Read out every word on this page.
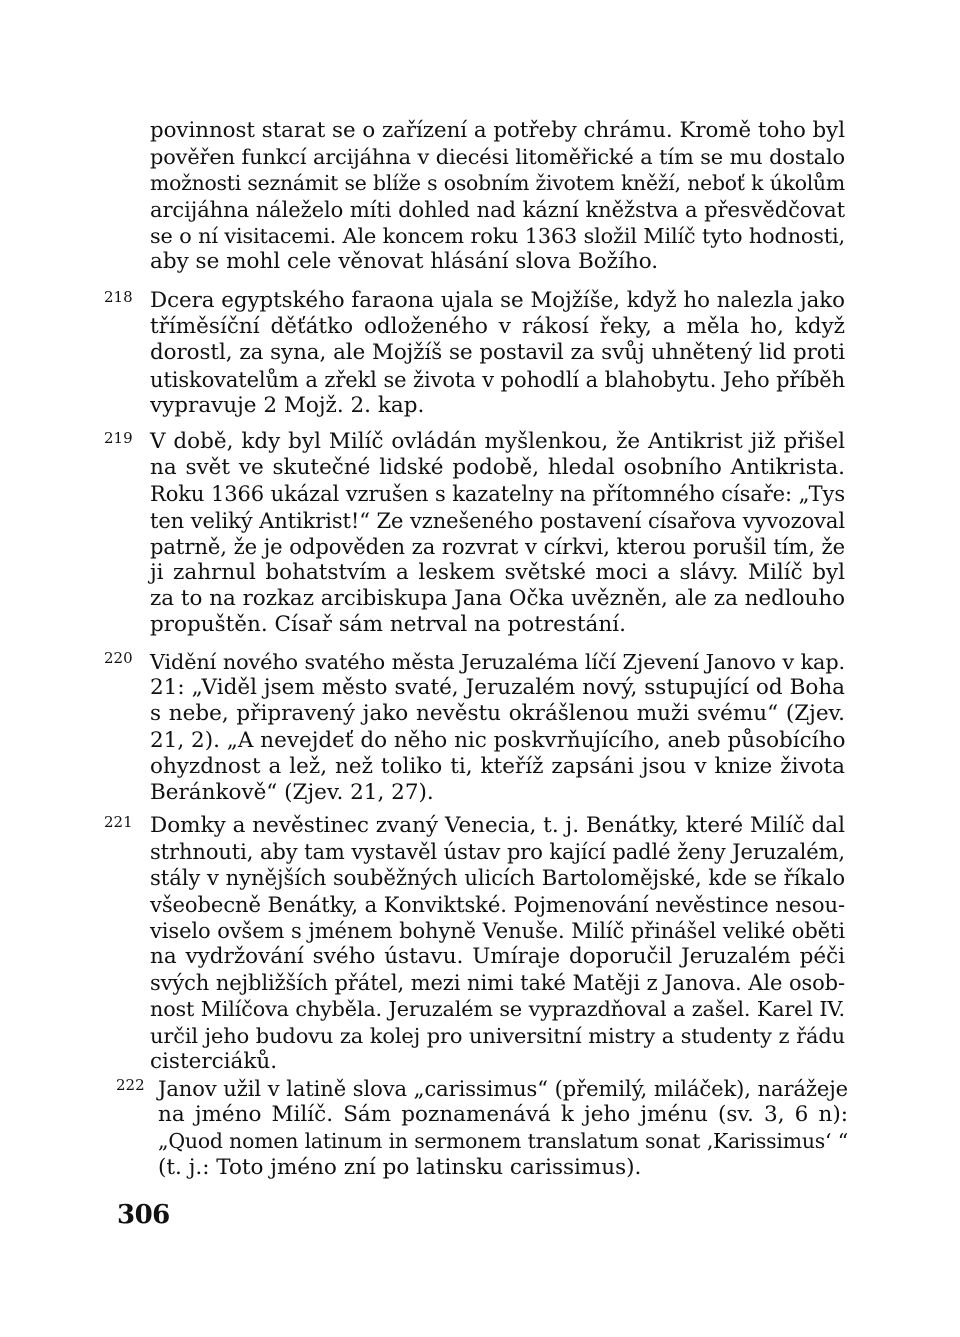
povinnost starat se o zařízení a potřeby chrámu. Kromě toho byl
pověřen funkcí arcijáhna v diecési litoměřické a tím se mu dostalo
možnosti seznámit se blíže s osobním životem kněží, neboť k úkolům
arcijáhna náleželo míti dohled nad kázní kněžstva a přesvědčovat
se o ní visitacemi. Ale koncem roku 1363 složil Milíč tyto hodnosti,
aby se mohl cele věnovat hlásání slova Božího.
218 Dcera egyptského faraona ujala se Mojžíše, když ho nalezla jako
tříměsíční děťátko odloženého v rákosí řeky, a měla ho, když
dorostl, za syna, ale Mojžíš se postavil za svůj uhnětený lid proti
utiskovatelům a zřekl se života v pohodlí a blahobytu. Jeho příběh
vypravuje 2 Mojž. 2. kap.
219 V době, kdy byl Milíč ovládán myšlenkou, že Antikrist již přišel
na svět ve skutečné lidské podobě, hledal osobního Antikrista.
Roku 1366 ukázal vzrušen s kazatelny na přítomného císaře: „Tys
ten veliký Antikrist!“ Ze vznešeného postavení císařova vyvozoval
patrně, že je odpověden za rozvrat v církvi, kterou porušil tím, že
ji zahrnul bohatstvím a leskem světské moci a slávy. Milíč byl
za to na rozkaz arcibiskupa Jana Očka uvězněn, ale za nedlouho
propuštěn. Císař sám netrval na potrestání.
220 Vidění nového svatého města Jeruzaléma líčí Zjevení Janovo v kap.
21: „Viděl jsem město svaté, Jeruzalém nový, sstupující od Boha
s nebe, připravený jako nevěstu okrášlenou muži svému“ (Zjev.
21, 2). „A nevejdeť do něho nic poskvrňujícího, aneb působícího
ohyzdnost a lež, než toliko ti, kteříž zapsáni jsou v knize života
Beránkově“ (Zjev. 21, 27).
221 Domky a nevěstinec zvaný Venecia, t. j. Benátky, které Milíč dal
strhnouti, aby tam vystavěl ústav pro kající padlé ženy Jeruzalém,
stály v nynějších souběžných ulicích Bartolomějské, kde se říkalo
všeobecně Benátky, a Konviktské. Pojmenování nevěstince nesou-
viselo ovšem s jménem bohyně Venuše. Milíč přinášel veliké oběti
na vydržování svého ústavu. Umíraje doporučil Jeruzalém péči
svých nejbližších přátel, mezi nimi také Matěji z Janova. Ale osob-
nost Milíčova chyběla. Jeruzalém se vyprazdňoval a zašel. Karel IV.
určil jeho budovu za kolej pro universitní mistry a studenty z řádu
cisterciáků.
222 Janov užil v latině slova „carissimus“ (přemilý, miláček), narážeje
na jméno Milíč. Sám poznamenává k jeho jménu (sv. 3, 6 n):
„Quod nomen latinum in sermonem translatum sonat ‚Karissimus‘ “
(t. j.: Toto jméno zní po latinsku carissimus).
306
